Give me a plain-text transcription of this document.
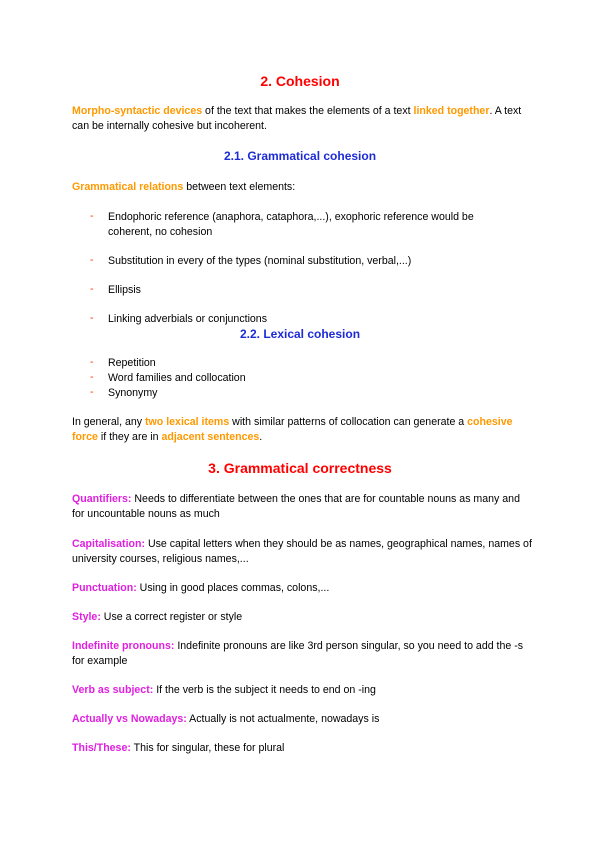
2. Cohesion

Morpho-syntactic devices of the text that makes the elements of a text linked together. A text can be internally cohesive but incoherent.

2.1. Grammatical cohesion

Grammatical relations between text elements:

- Endophoric reference (anaphora, cataphora,...), exophoric reference would be coherent, no cohesion
- Substitution in every of the types (nominal substitution, verbal,...)
- Ellipsis
- Linking adverbials or conjunctions
2.2. Lexical cohesion
- Repetition
- Word families and collocation
- Synonymy

In general, any two lexical items with similar patterns of collocation can generate a cohesive force if they are in adjacent sentences.

3. Grammatical correctness

Quantifiers: Needs to differentiate between the ones that are for countable nouns as many and for uncountable nouns as much

Capitalisation: Use capital letters when they should be as names, geographical names, names of university courses, religious names,...

Punctuation: Using in good places commas, colons,...

Style: Use a correct register or style

Indefinite pronouns: Indefinite pronouns are like 3rd person singular, so you need to add the -s for example

Verb as subject: If the verb is the subject it needs to end on -ing

Actually vs Nowadays: Actually is not actualmente, nowadays is

This/These: This for singular, these for plural
